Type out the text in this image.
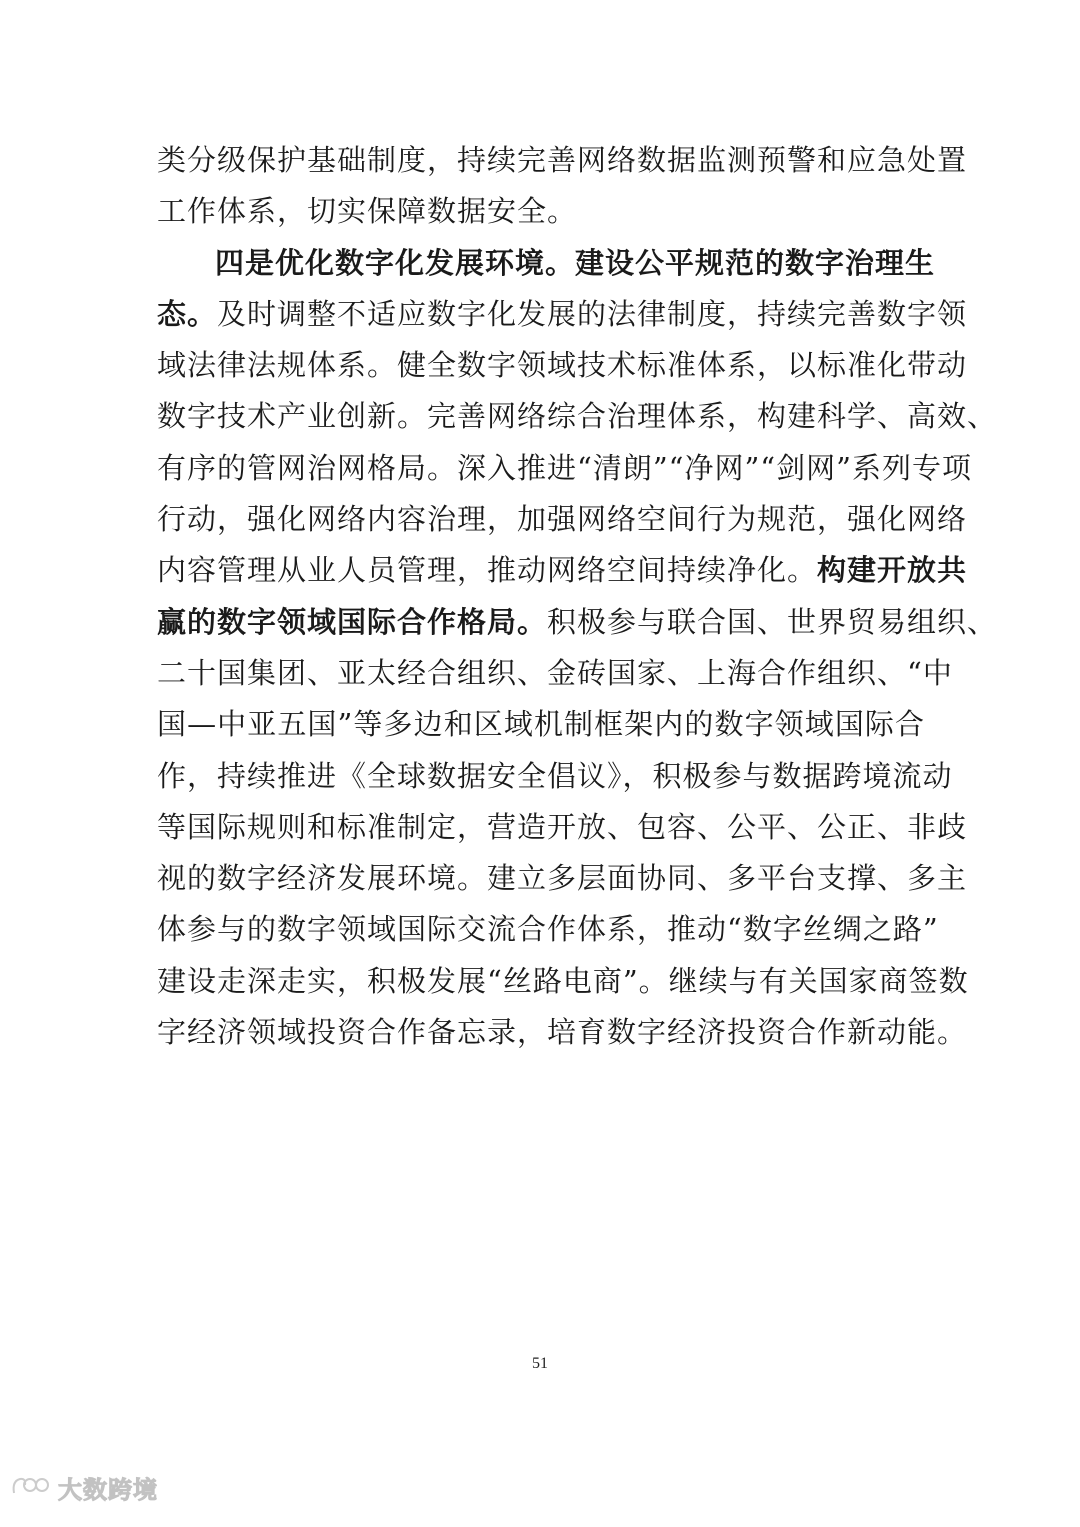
类分级保护基础制度，持续完善网络数据监测预警和应急处置
工作体系，切实保障数据安全。
四是优化数字化发展环境。建设公平规范的数字治理生
态。及时调整不适应数字化发展的法律制度，持续完善数字领
域法律法规体系。健全数字领域技术标准体系，以标准化带动
数字技术产业创新。完善网络综合治理体系，构建科学、高效、
有序的管网治网格局。深入推进“清朗”“净网”“剑网”系列专项
行动，强化网络内容治理，加强网络空间行为规范，强化网络
内容管理从业人员管理，推动网络空间持续净化。构建开放共
赢的数字领域国际合作格局。积极参与联合国、世界贸易组织、
二十国集团、亚太经合组织、金砖国家、上海合作组织、“中
国—中亚五国”等多边和区域机制框架内的数字领域国际合
作，持续推进《全球数据安全倡议》，积极参与数据跨境流动
等国际规则和标准制定，营造开放、包容、公平、公正、非歧
视的数字经济发展环境。建立多层面协同、多平台支撑、多主
体参与的数字领域国际交流合作体系，推动“数字丝绸之路”
建设走深走实，积极发展“丝路电商”。继续与有关国家商签数
字经济领域投资合作备忘录，培育数字经济投资合作新动能。
51
大数跨境
